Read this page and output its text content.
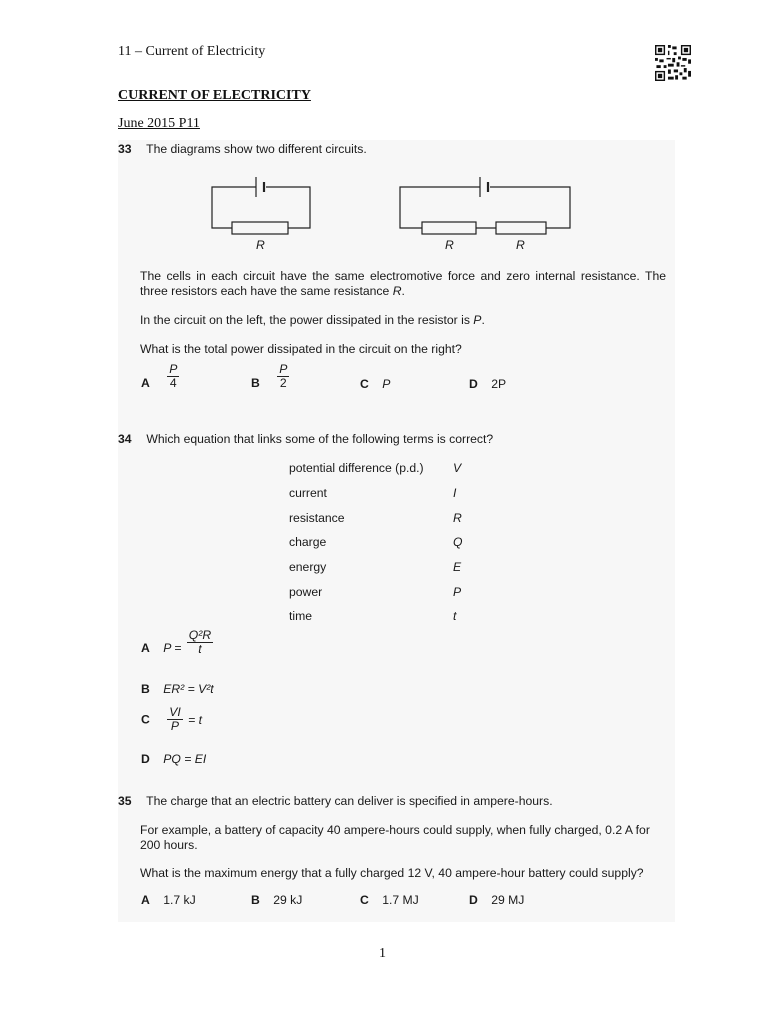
11 – Current of Electricity
CURRENT OF ELECTRICITY
June 2015 P11
33 The diagrams show two different circuits.
R	R	R
The cells in each circuit have the same electromotive force and zero internal resistance. The three resistors each have the same resistance R.
In the circuit on the left, the power dissipated in the resistor is P.
What is the total power dissipated in the circuit on the right?
A $\frac{P}{4}$	B $\frac{P}{2}$	C P	D 2P
34 Which equation that links some of the following terms is correct?
potential difference (p.d.) V
current	I
resistance	R
charge	Q
energy	E
power	P
time	t
A $P = \frac{\text{Q²R}}{t}$
B ER² = V²t
C $\frac{VI}{P} = t$
D PQ = EI
35 The charge that an electric battery can deliver is specified in ampere-hours.
For example, a battery of capacity 40 ampere-hours could supply, when fully charged, 0.2 A for 200 hours.
What is the maximum energy that a fully charged 12 V, 40 ampere-hour battery could supply?
A 1.7 kJ	B 29 kJ	C 1.7 MJ	D 29 MJ
1
